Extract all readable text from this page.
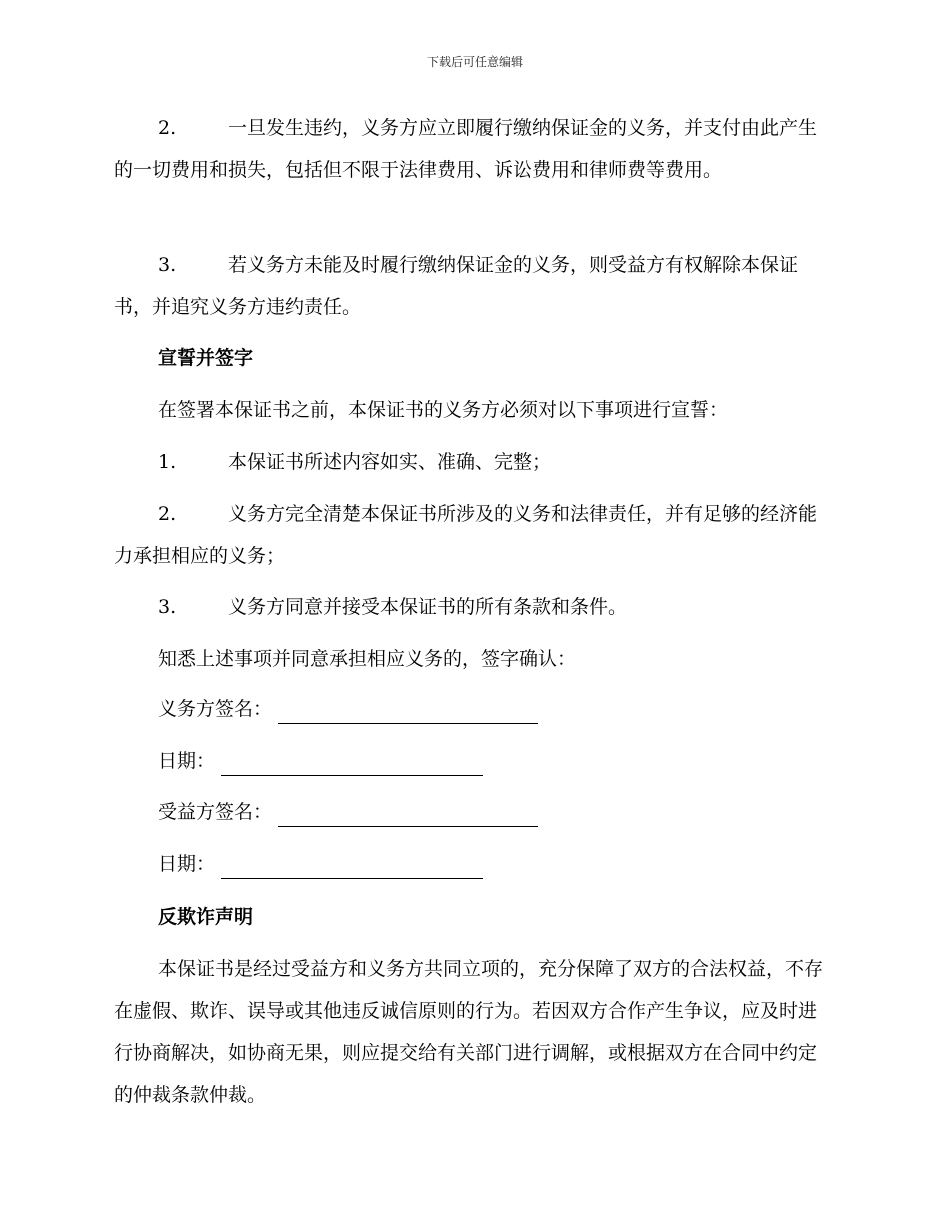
下载后可任意编辑

2.	一旦发生违约，义务方应立即履行缴纳保证金的义务，并支付由此产生的一切费用和损失，包括但不限于法律费用、诉讼费用和律师费等费用。

3.	若义务方未能及时履行缴纳保证金的义务，则受益方有权解除本保证书，并追究义务方违约责任。

宣誓并签字

在签署本保证书之前，本保证书的义务方必须对以下事项进行宣誓：

1.	本保证书所述内容如实、准确、完整；

2.	义务方完全清楚本保证书所涉及的义务和法律责任，并有足够的经济能力承担相应的义务；

3.	义务方同意并接受本保证书的所有条款和条件。

知悉上述事项并同意承担相应义务的，签字确认：

义务方签名：
日期：
受益方签名：
日期：
反欺诈声明

本保证书是经过受益方和义务方共同立项的，充分保障了双方的合法权益，不存在虚假、欺诈、误导或其他违反诚信原则的行为。若因双方合作产生争议，应及时进行协商解决，如协商无果，则应提交给有关部门进行调解，或根据双方在合同中约定的仲裁条款仲裁。
